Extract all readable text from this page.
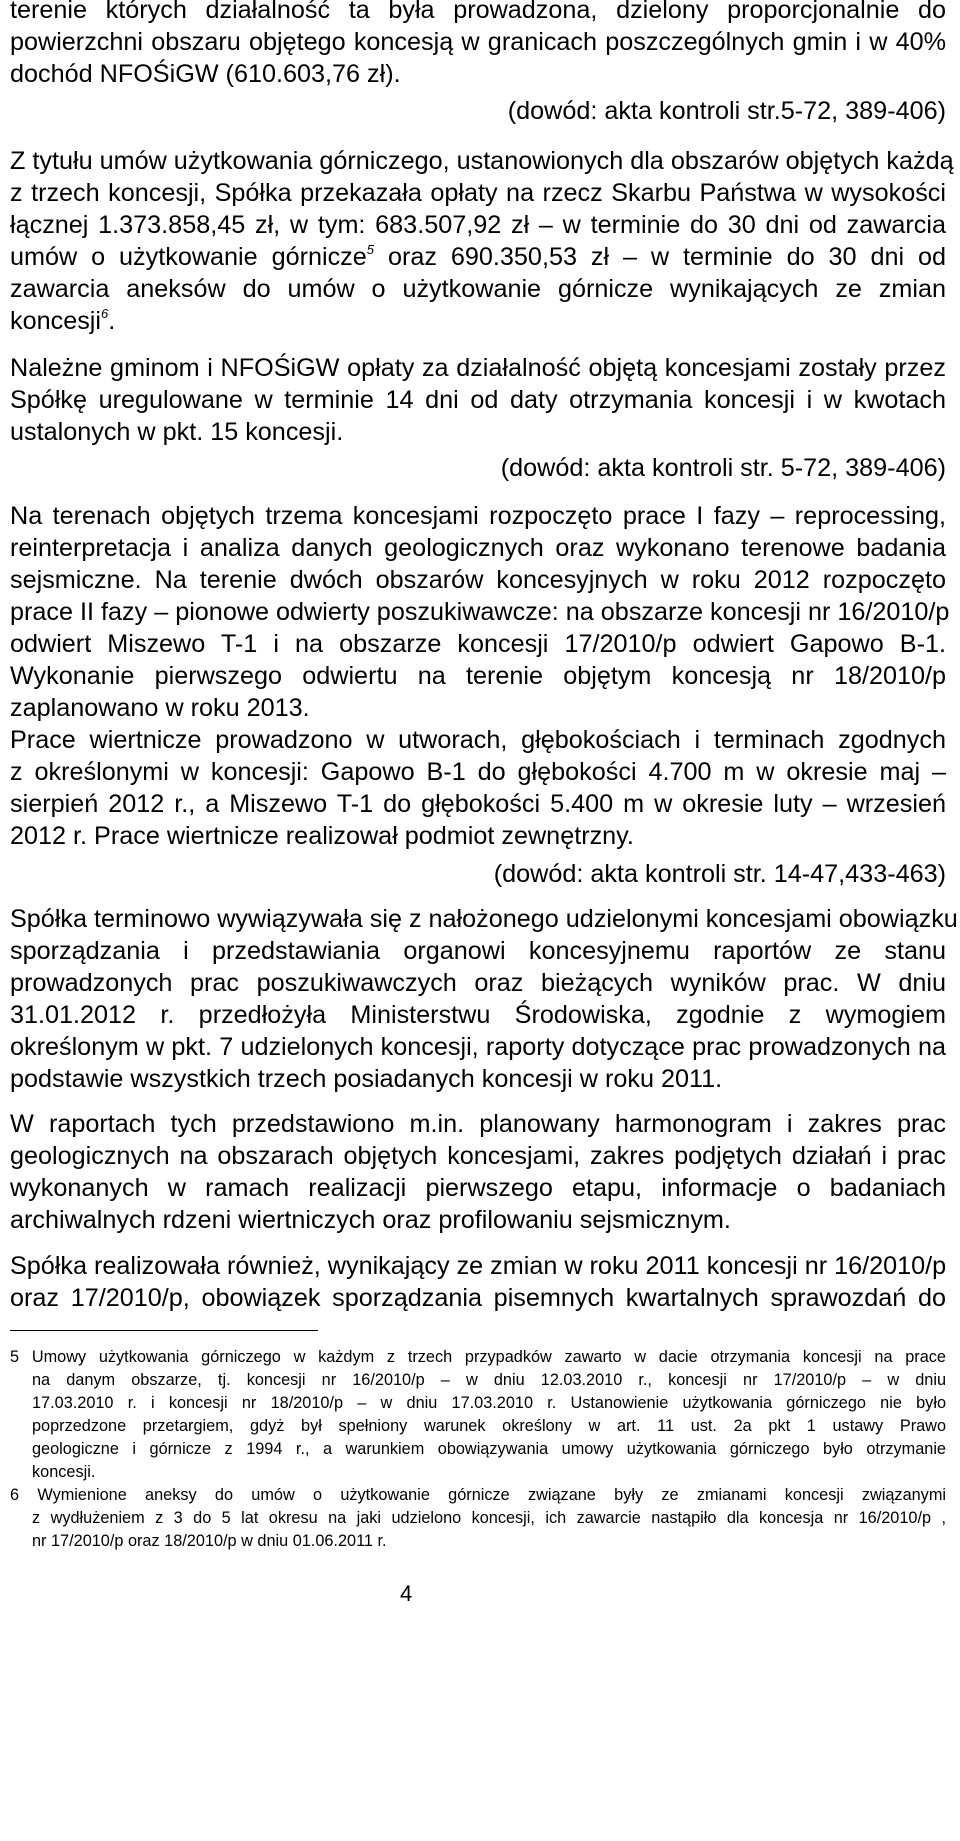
terenie których działalność ta była prowadzona, dzielony proporcjonalnie do
powierzchni obszaru objętego koncesją w granicach poszczególnych gmin i w 40%
dochód NFOŚiGW (610.603,76 zł).
(dowód: akta kontroli str.5-72, 389-406)
Z tytułu umów użytkowania górniczego, ustanowionych dla obszarów objętych każdą
z trzech koncesji, Spółka przekazała opłaty na rzecz Skarbu Państwa w wysokości
łącznej 1.373.858,45 zł, w tym: 683.507,92 zł – w terminie do 30 dni od zawarcia
umów o użytkowanie górnicze$^5$ oraz 690.350,53 zł – w terminie do 30 dni od
zawarcia aneksów do umów o użytkowanie górnicze wynikających ze zmian
koncesji$^6$.
Należne gminom i NFOŚiGW opłaty za działalność objętą koncesjami zostały przez
Spółkę uregulowane w terminie 14 dni od daty otrzymania koncesji i w kwotach
ustalonych w pkt. 15 koncesji.
(dowód: akta kontroli str. 5-72, 389-406)
Na terenach objętych trzema koncesjami rozpoczęto prace I fazy – reprocessing,
reinterpretacja i analiza danych geologicznych oraz wykonano terenowe badania
sejsmiczne. Na terenie dwóch obszarów koncesyjnych w roku 2012 rozpoczęto
prace II fazy – pionowe odwierty poszukiwawcze: na obszarze koncesji nr 16/2010/p
odwiert Miszewo T-1 i na obszarze koncesji 17/2010/p odwiert Gapowo B-1.
Wykonanie pierwszego odwiertu na terenie objętym koncesją nr 18/2010/p
zaplanowano w roku 2013.
Prace wiertnicze prowadzono w utworach, głębokościach i terminach zgodnych
z określonymi w koncesji: Gapowo B-1 do głębokości 4.700 m w okresie maj –
sierpień 2012 r., a Miszewo T-1 do głębokości 5.400 m w okresie luty – wrzesień
2012 r. Prace wiertnicze realizował podmiot zewnętrzny.
(dowód: akta kontroli str. 14-47,433-463)
Spółka terminowo wywiązywała się z nałożonego udzielonymi koncesjami obowiązku
sporządzania i przedstawiania organowi koncesyjnemu raportów ze stanu
prowadzonych prac poszukiwawczych oraz bieżących wyników prac. W dniu
31.01.2012 r. przedłożyła Ministerstwu Środowiska, zgodnie z wymogiem
określonym w pkt. 7 udzielonych koncesji, raporty dotyczące prac prowadzonych na
podstawie wszystkich trzech posiadanych koncesji w roku 2011.
W raportach tych przedstawiono m.in. planowany harmonogram i zakres prac
geologicznych na obszarach objętych koncesjami, zakres podjętych działań i prac
wykonanych w ramach realizacji pierwszego etapu, informacje o badaniach
archiwalnych rdzeni wiertniczych oraz profilowaniu sejsmicznym.
Spółka realizowała również, wynikający ze zmian w roku 2011 koncesji nr 16/2010/p
oraz 17/2010/p, obowiązek sporządzania pisemnych kwartalnych sprawozdań do
5 Umowy użytkowania górniczego w każdym z trzech przypadków zawarto w dacie otrzymania koncesji na prace
na danym obszarze, tj. koncesji nr 16/2010/p – w dniu 12.03.2010 r., koncesji nr 17/2010/p – w dniu
17.03.2010 r. i koncesji nr 18/2010/p – w dniu 17.03.2010 r. Ustanowienie użytkowania górniczego nie było
poprzedzone przetargiem, gdyż był spełniony warunek określony w art. 11 ust. 2a pkt 1 ustawy Prawo
geologiczne i górnicze z 1994 r., a warunkiem obowiązywania umowy użytkowania górniczego było otrzymanie
koncesji.
6 Wymienione aneksy do umów o użytkowanie górnicze związane były ze zmianami koncesji związanymi
z wydłużeniem z 3 do 5 lat okresu na jaki udzielono koncesji, ich zawarcie nastąpiło dla koncesja nr 16/2010/p ,
nr 17/2010/p oraz 18/2010/p w dniu 01.06.2011 r.
4
